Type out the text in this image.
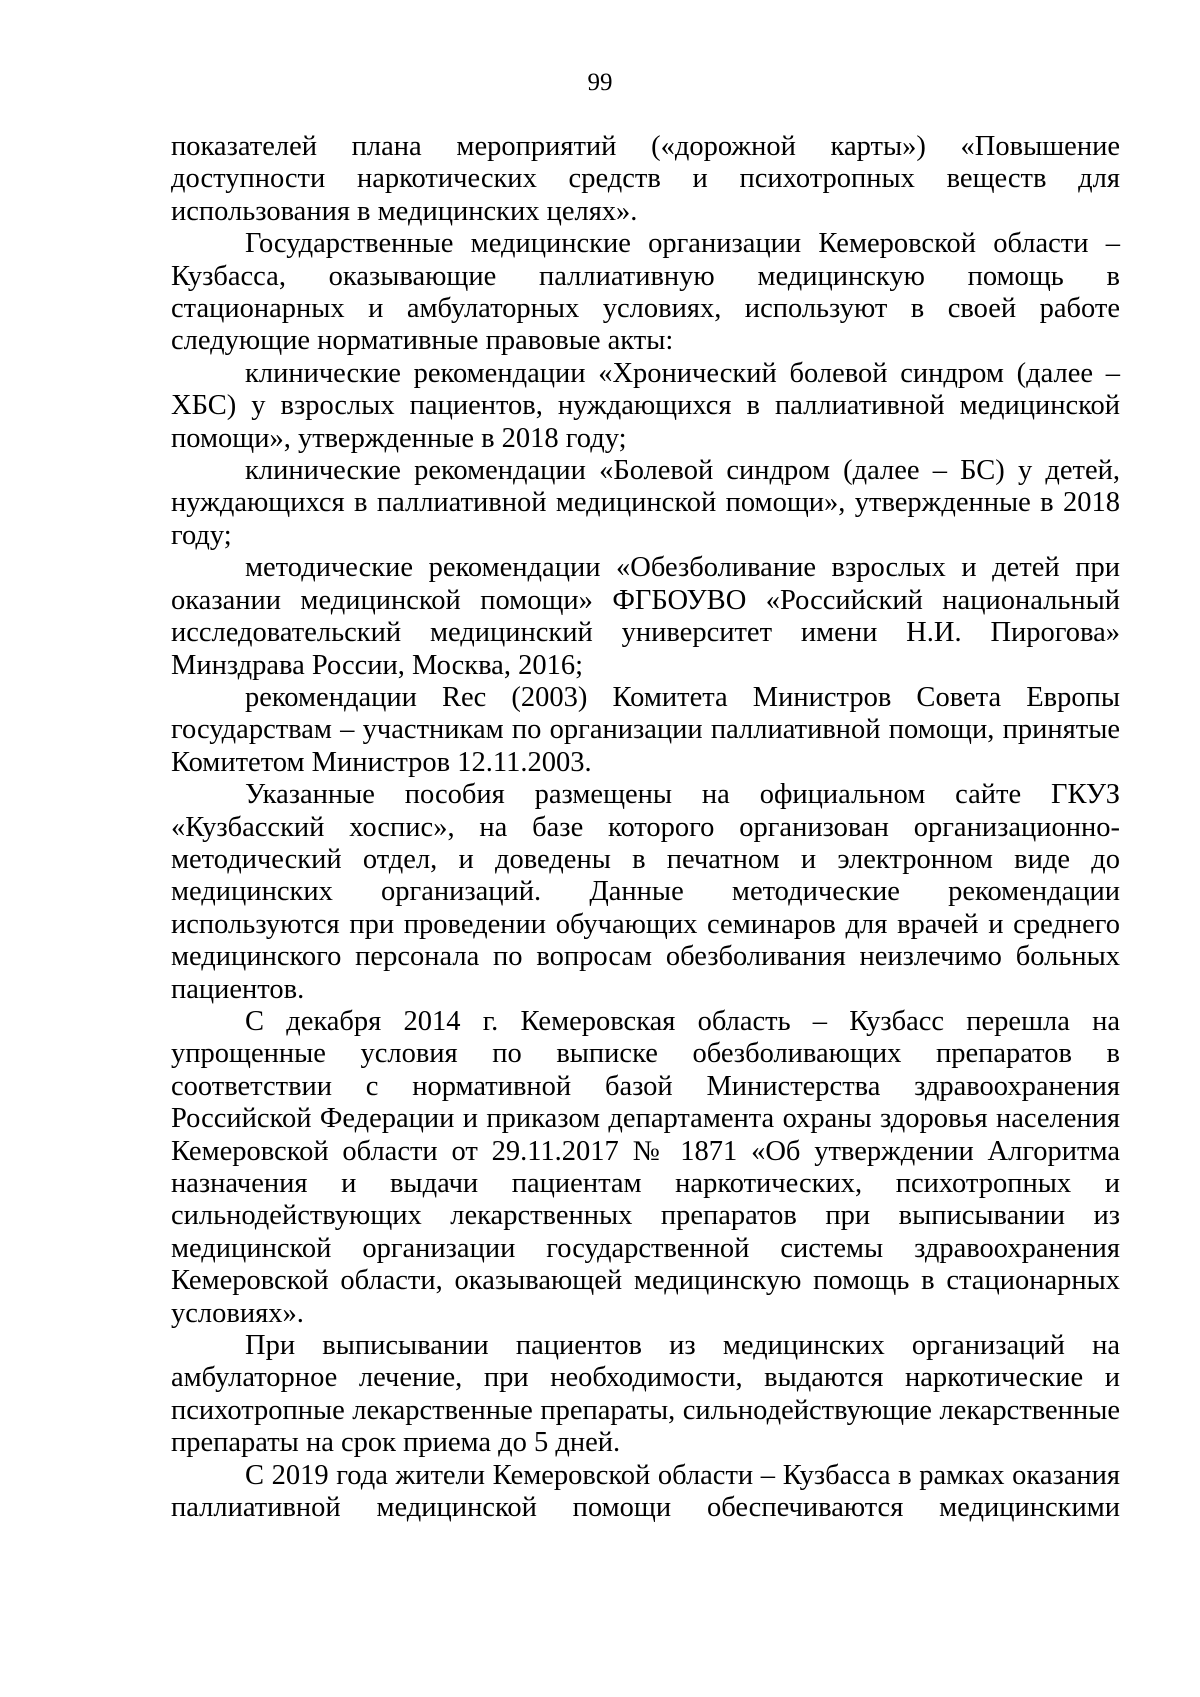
99

показателей плана мероприятий («дорожной карты») «Повышение доступности наркотических средств и психотропных веществ для использования в медицинских целях».

Государственные медицинские организации Кемеровской области – Кузбасса, оказывающие паллиативную медицинскую помощь в стационарных и амбулаторных условиях, используют в своей работе следующие нормативные правовые акты:

клинические рекомендации «Хронический болевой синдром (далее – ХБС) у взрослых пациентов, нуждающихся в паллиативной медицинской помощи», утвержденные в 2018 году;

клинические рекомендации «Болевой синдром (далее – БС) у детей, нуждающихся в паллиативной медицинской помощи», утвержденные в 2018 году;

методические рекомендации «Обезболивание взрослых и детей при оказании медицинской помощи» ФГБОУВО «Российский национальный исследовательский медицинский университет имени Н.И. Пирогова» Минздрава России, Москва, 2016;

рекомендации Rec (2003) Комитета Министров Совета Европы государствам – участникам по организации паллиативной помощи, принятые Комитетом Министров 12.11.2003.

Указанные пособия размещены на официальном сайте ГКУЗ «Кузбасский хоспис», на базе которого организован организационно-методический отдел, и доведены в печатном и электронном виде до медицинских организаций. Данные методические рекомендации используются при проведении обучающих семинаров для врачей и среднего медицинского персонала по вопросам обезболивания неизлечимо больных пациентов.

С декабря 2014 г. Кемеровская область – Кузбасс перешла на упрощенные условия по выписке обезболивающих препаратов в соответствии с нормативной базой Министерства здравоохранения Российской Федерации и приказом департамента охраны здоровья населения Кемеровской области от 29.11.2017 № 1871 «Об утверждении Алгоритма назначения и выдачи пациентам наркотических, психотропных и сильнодействующих лекарственных препаратов при выписывании из медицинской организации государственной системы здравоохранения Кемеровской области, оказывающей медицинскую помощь в стационарных условиях».

При выписывании пациентов из медицинских организаций на амбулаторное лечение, при необходимости, выдаются наркотические и психотропные лекарственные препараты, сильнодействующие лекарственные препараты на срок приема до 5 дней.

С 2019 года жители Кемеровской области – Кузбасса в рамках оказания паллиативной медицинской помощи обеспечиваются медицинскими
